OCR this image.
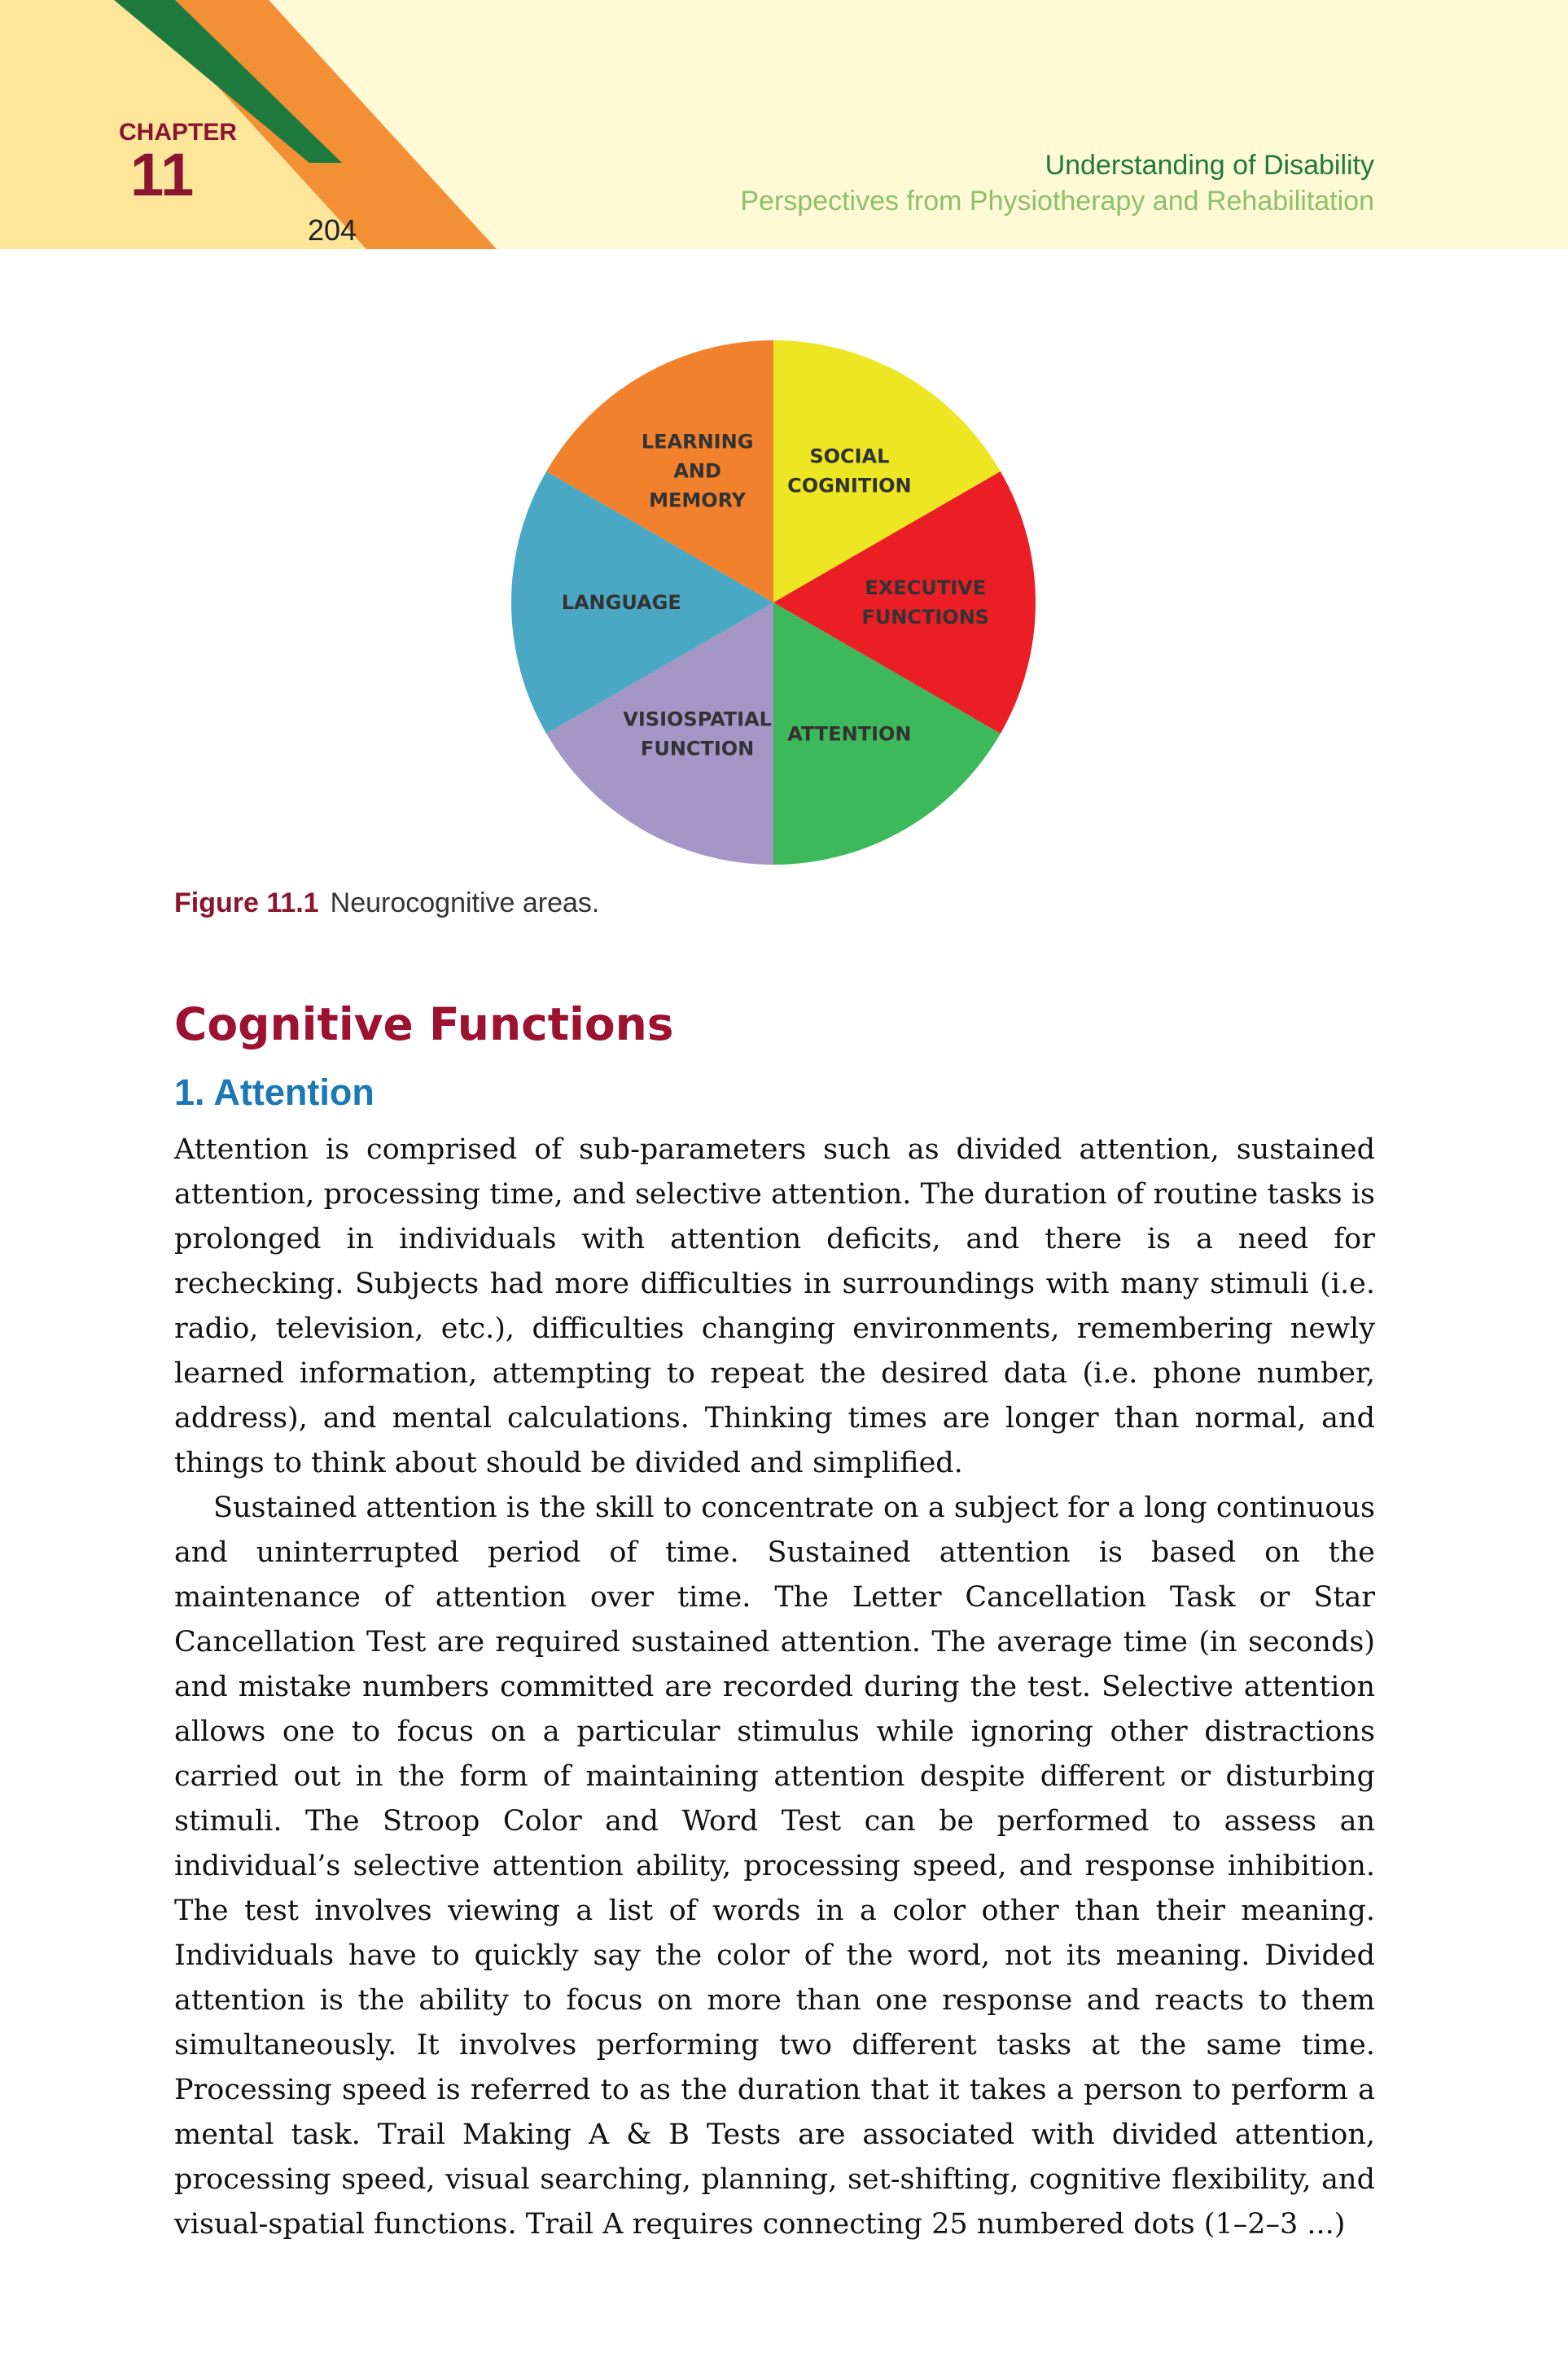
CHAPTER
11
204
Understanding of Disability
Perspectives from Physiotherapy and Rehabilitation
SOCIAL COGNITION
EXECUTIVE FUNCTIONS
ATTENTION
VISIOSPATIAL FUNCTION
LANGUAGE
LEARNING AND MEMORY
Figure 11.1 Neurocognitive areas.
Cognitive Functions
1. Attention

Attention is comprised of sub-parameters such as divided attention, sustained attention, processing time, and selective attention. The duration of routine tasks is prolonged in individuals with attention deficits, and there is a need for rechecking. Subjects had more difficulties in surroundings with many stimuli (i.e. radio, television, etc.), difficulties changing environments, remembering newly learned information, attempting to repeat the desired data (i.e. phone number, address), and mental calculations. Thinking times are longer than normal, and things to think about should be divided and simplified.

Sustained attention is the skill to concentrate on a subject for a long continuous and uninterrupted period of time. Sustained attention is based on the maintenance of attention over time. The Letter Cancellation Task or Star Cancellation Test are required sustained attention. The average time (in seconds) and mistake numbers committed are recorded during the test. Selective attention allows one to focus on a particular stimulus while ignoring other distractions carried out in the form of maintaining attention despite different or disturbing stimuli. The Stroop Color and Word Test can be performed to assess an individual’s selective attention ability, processing speed, and response inhibition. The test involves viewing a list of words in a color other than their meaning. Individuals have to quickly say the color of the word, not its meaning. Divided attention is the ability to focus on more than one response and reacts to them simultaneously. It involves performing two different tasks at the same time. Processing speed is referred to as the duration that it takes a person to perform a mental task. Trail Making A & B Tests are associated with divided attention, processing speed, visual searching, planning, set-shifting, cognitive flexibility, and visual-spatial functions. Trail A requires connecting 25 numbered dots (1–2–3 ...)
